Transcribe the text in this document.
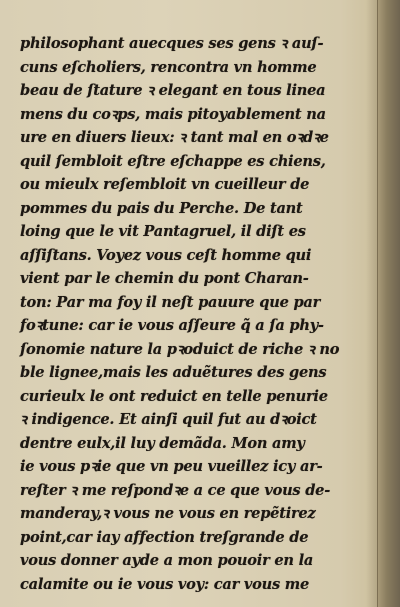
philosophant auecques ses gens ꝛ auſ-
cuns eſcholiers, rencontra vn homme
beau de ſtature ꝛ elegant en tous linea
mens du coꝛps, mais pitoyablement na
ure en diuers lieux: ꝛ tant mal en oꝛdꝛe
quil ſembloit eſtre eſchappe es chiens,
ou mieulx reſembloit vn cueilleur de
pommes du pais du Perche. De tant
loing que le vit Pantagruel, il diſt es
aſſiſtans. Voyez vous ceſt homme qui
vient par le chemin du pont Charan-
ton: Par ma foy il neſt pauure que par
foꝛtune: car ie vous aſſeure q̃ a ſa phy-
ſonomie nature la pꝛoduict de riche ꝛ no
ble lignee,mais les aduẽtures des gens
curieulx le ont reduict en telle penurie
ꝛ indigence. Et ainſi quil fut au dꝛoict
dentre eulx,il luy demãda. Mon amy
ie vous pꝛie que vn peu vueillez icy ar-
reſter ꝛ me reſpondꝛe a ce que vous de-
manderay,ꝛ vous ne vous en repẽtirez
point,car iay affection treſgrande de
vous donner ayde a mon pouoir en la
calamite ou ie vous voy: car vous me
